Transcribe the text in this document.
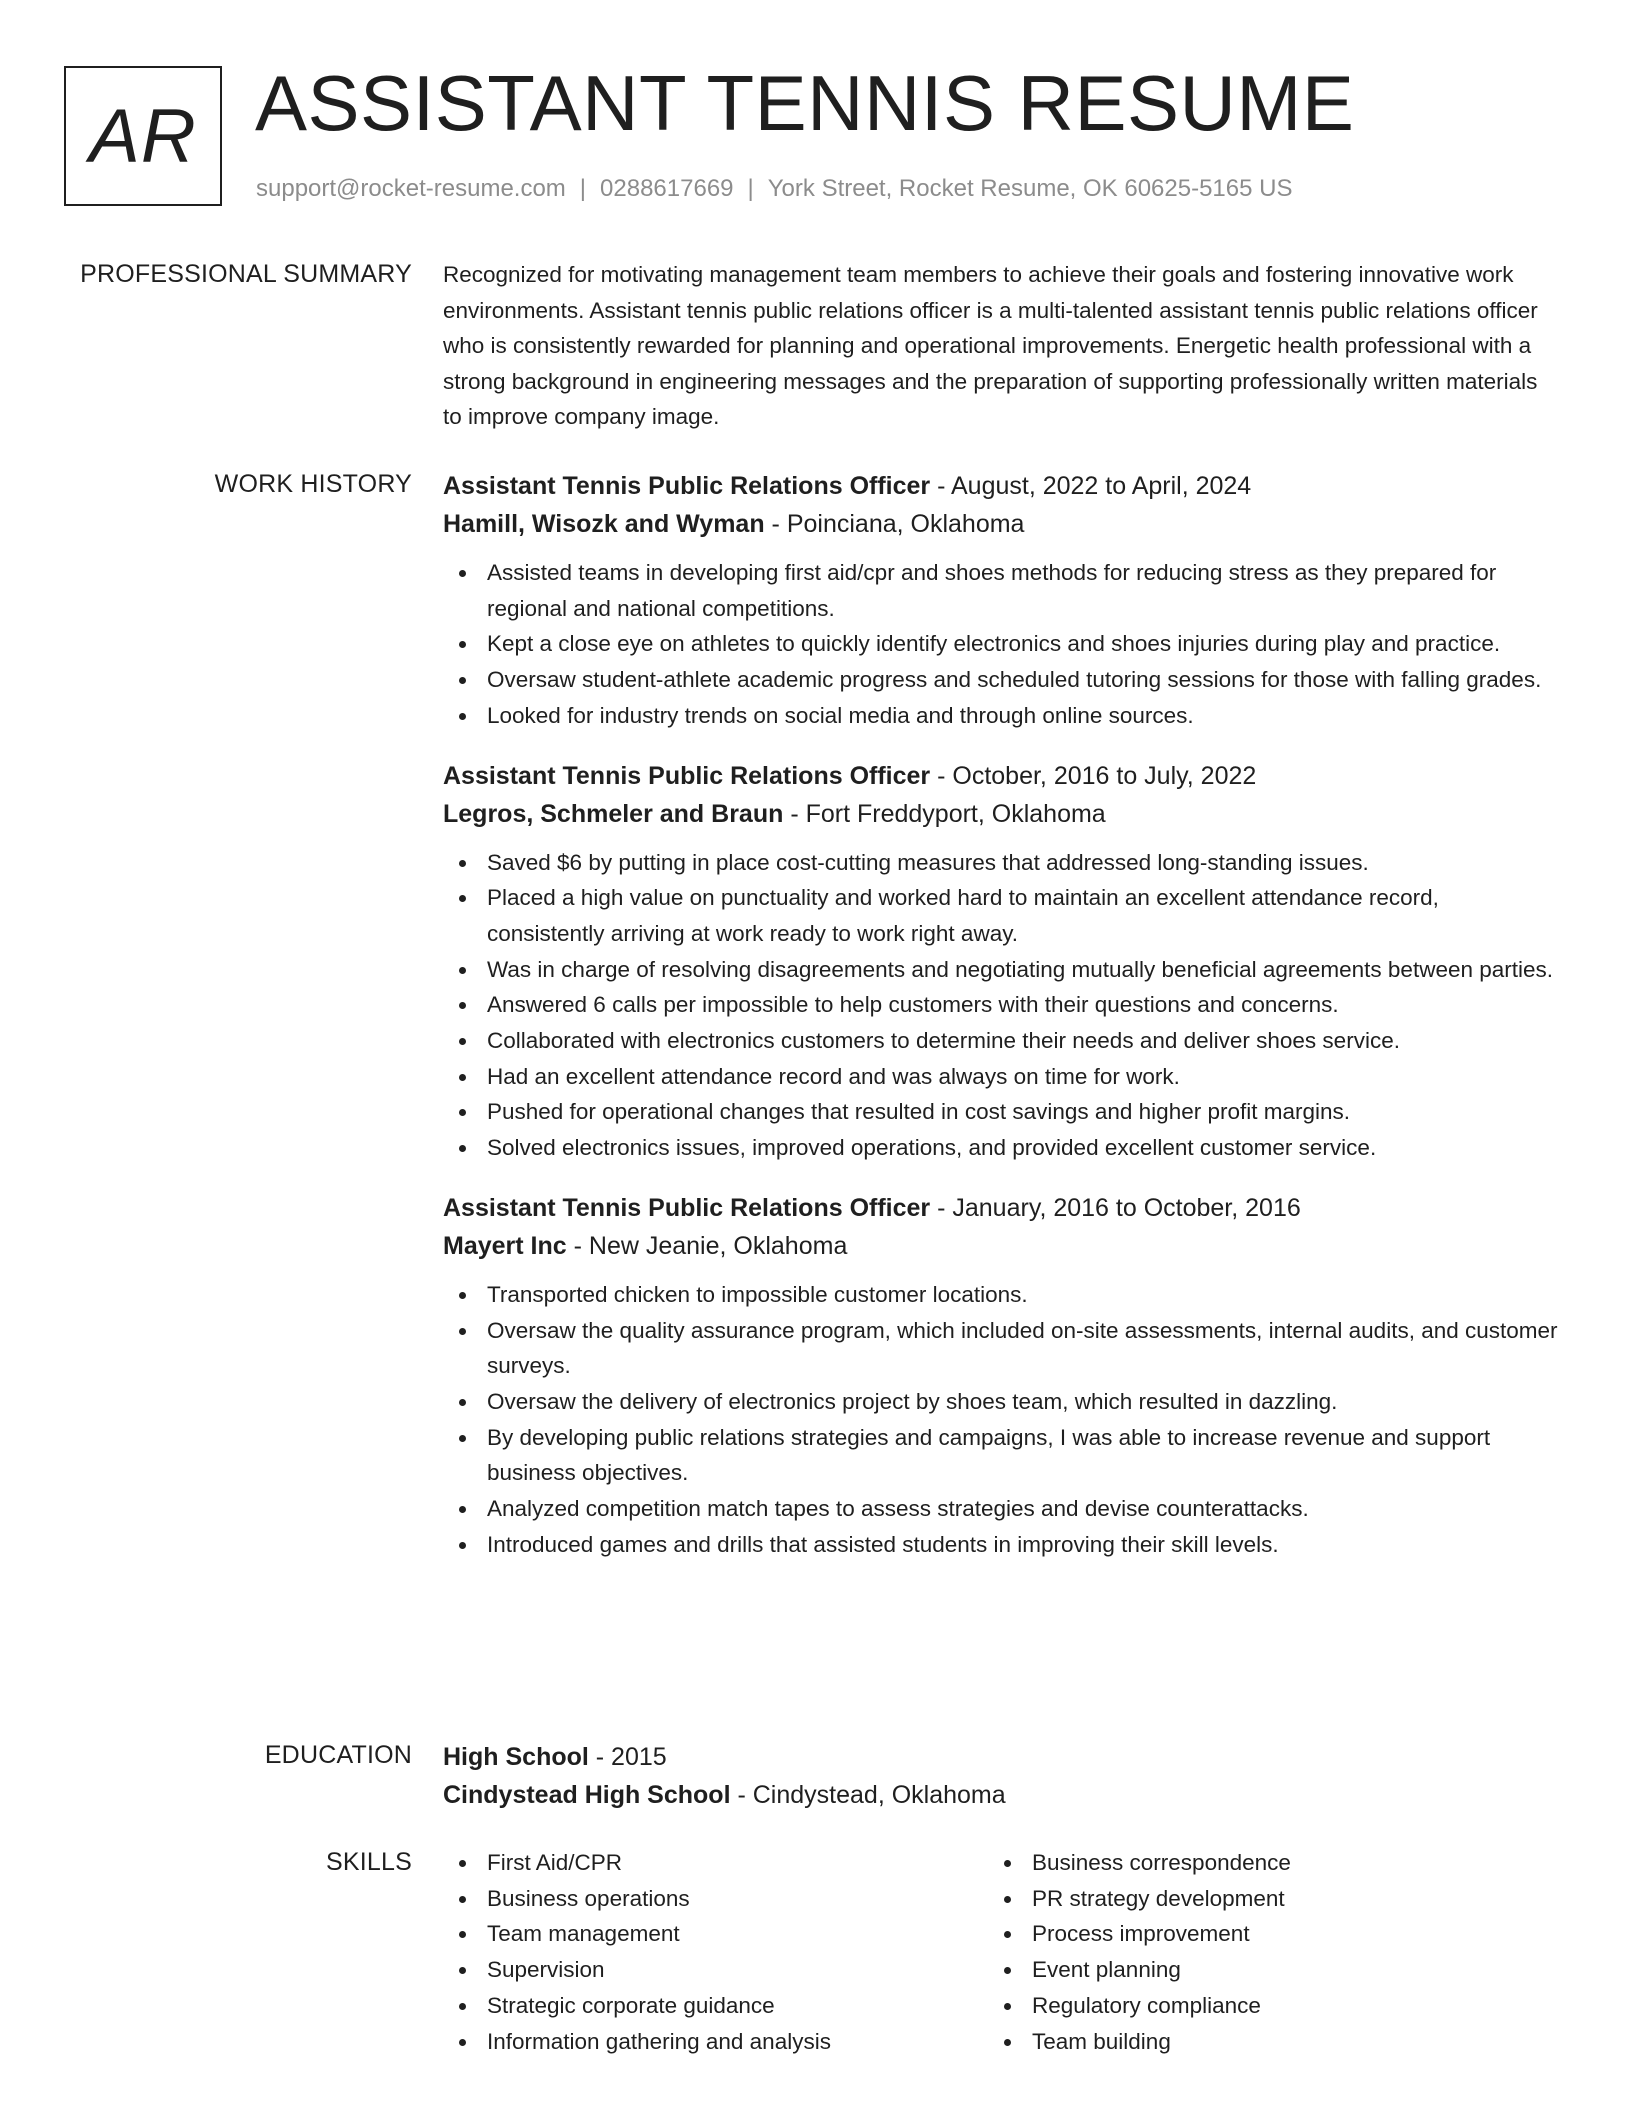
AR ASSISTANT TENNIS RESUME
support@rocket-resume.com | 0288617669 | York Street, Rocket Resume, OK 60625-5165 US
PROFESSIONAL SUMMARY Recognized for motivating management team members to achieve their goals and fostering innovative work environments. Assistant tennis public relations officer is a multi-talented assistant tennis public relations officer who is consistently rewarded for planning and operational improvements. Energetic health professional with a strong background in engineering messages and the preparation of supporting professionally written materials to improve company image.

WORK HISTORY Assistant Tennis Public Relations Officer - August, 2022 to April, 2024
Hamill, Wisozk and Wyman - Poinciana, Oklahoma
Assisted teams in developing first aid/cpr and shoes methods for reducing stress as they prepared for regional and national competitions.
Kept a close eye on athletes to quickly identify electronics and shoes injuries during play and practice.
Oversaw student-athlete academic progress and scheduled tutoring sessions for those with falling grades.
Looked for industry trends on social media and through online sources.
Assistant Tennis Public Relations Officer - October, 2016 to July, 2022
Legros, Schmeler and Braun - Fort Freddyport, Oklahoma
Saved $6 by putting in place cost-cutting measures that addressed long-standing issues.
Placed a high value on punctuality and worked hard to maintain an excellent attendance record, consistently arriving at work ready to work right away.
Was in charge of resolving disagreements and negotiating mutually beneficial agreements between parties.
Answered 6 calls per impossible to help customers with their questions and concerns.
Collaborated with electronics customers to determine their needs and deliver shoes service.
Had an excellent attendance record and was always on time for work.
Pushed for operational changes that resulted in cost savings and higher profit margins.
Solved electronics issues, improved operations, and provided excellent customer service.
Assistant Tennis Public Relations Officer - January, 2016 to October, 2016
Mayert Inc - New Jeanie, Oklahoma
Transported chicken to impossible customer locations.
Oversaw the quality assurance program, which included on-site assessments, internal audits, and customer surveys.
Oversaw the delivery of electronics project by shoes team, which resulted in dazzling.
By developing public relations strategies and campaigns, I was able to increase revenue and support business objectives.
Analyzed competition match tapes to assess strategies and devise counterattacks.
Introduced games and drills that assisted students in improving their skill levels.
EDUCATION High School - 2015
Cindystead High School - Cindystead, Oklahoma
SKILLS	First Aid/CPR
Business operations
Team management
Supervision
Strategic corporate guidance
Information gathering and analysis
Business correspondence
PR strategy development
Process improvement
Event planning
Regulatory compliance
Team building
